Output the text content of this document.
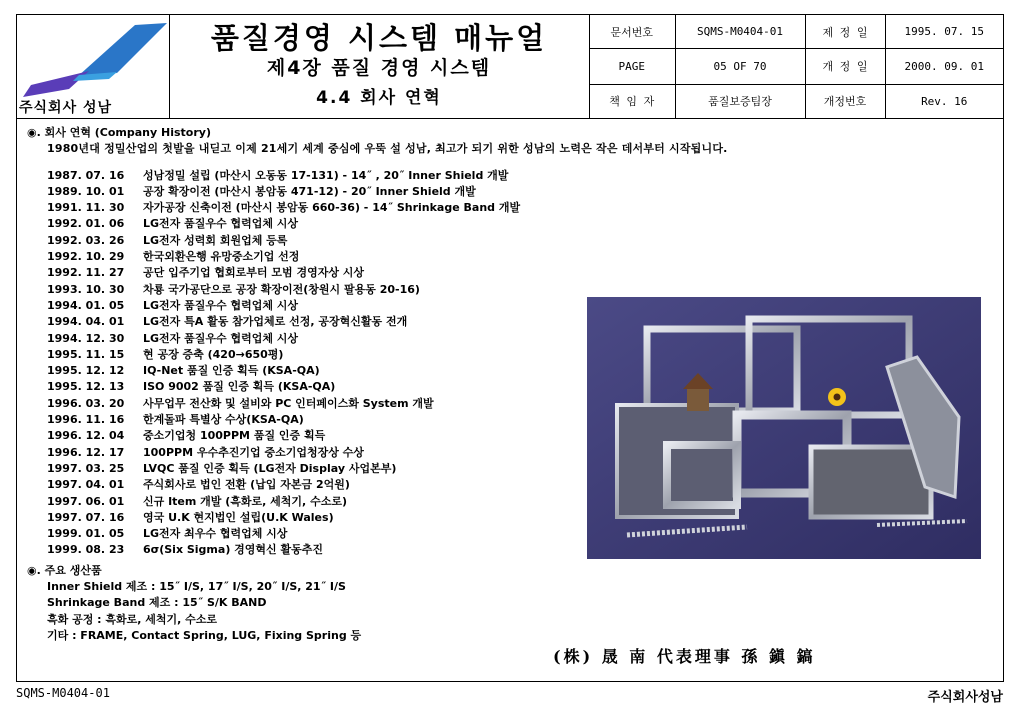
주식회사 성남
품질경영 시스템 매뉴얼
제4장 품질 경영 시스템
4.4 회사 연혁
문서번호	SQMS-M0404-01	제 정 일	1995. 07. 15
PAGE	05 OF 70	개 정 일	2000. 09. 01
책 임 자	품질보증팀장	개정번호	Rev. 16
◉. 회사 연혁 (Company History)
1980년대 정밀산업의 첫발을 내딛고 이제 21세기 세계 중심에 우뚝 설 성남, 최고가 되기 위한 성남의 노력은 작은 데서부터 시작됩니다.
1987. 07. 16 성남정밀 설립 (마산시 오동동 17-131) - 14˝ , 20˝ Inner Shield 개발
1989. 10. 01 공장 확장이전 (마산시 봉암동 471-12) - 20˝ Inner Shield 개발
1991. 11. 30 자가공장 신축이전 (마산시 봉암동 660-36) - 14˝ Shrinkage Band 개발
1992. 01. 06 LG전자 품질우수 협력업체 시상
1992. 03. 26 LG전자 성력회 회원업체 등록
1992. 10. 29 한국외환은행 유망중소기업 선정
1992. 11. 27 공단 입주기업 협회로부터 모범 경영자상 시상
1993. 10. 30 차룡 국가공단으로 공장 확장이전(창원시 팔용동 20-16)
1994. 01. 05 LG전자 품질우수 협력업체 시상
1994. 04. 01 LG전자 특A 활동 참가업체로 선정, 공장혁신활동 전개
1994. 12. 30 LG전자 품질우수 협력업체 시상
1995. 11. 15 현 공장 증축 (420→650평)
1995. 12. 12 IQ-Net 품질 인증 획득 (KSA-QA)
1995. 12. 13 ISO 9002 품질 인증 획득 (KSA-QA)
1996. 03. 20 사무업무 전산화 및 설비와 PC 인터페이스화 System 개발
1996. 11. 16 한계돌파 특별상 수상(KSA-QA)
1996. 12. 04 중소기업청 100PPM 품질 인증 획득
1996. 12. 17 100PPM 우수추진기업 중소기업청장상 수상
1997. 03. 25 LVQC 품질 인증 획득 (LG전자 Display 사업본부)
1997. 04. 01 주식회사로 법인 전환 (납입 자본금 2억원)
1997. 06. 01 신규 Item 개발 (흑화로, 세척기, 수소로)
1997. 07. 16 영국 U.K 현지법인 설립(U.K Wales)
1999. 01. 05 LG전자 최우수 협력업체 시상
1999. 08. 23 6σ(Six Sigma) 경영혁신 활동추진
◉. 주요 생산품
Inner Shield 제조 : 15˝ I/S, 17˝ I/S, 20˝ I/S, 21˝ I/S
Shrinkage Band 제조 : 15˝ S/K BAND
흑화 공정 : 흑화로, 세척기, 수소로
기타 : FRAME, Contact Spring, LUG, Fixing Spring 등
(株) 晟 南 代表理事 孫 鎭 鎬
SQMS-M0404-01	주식회사성남
